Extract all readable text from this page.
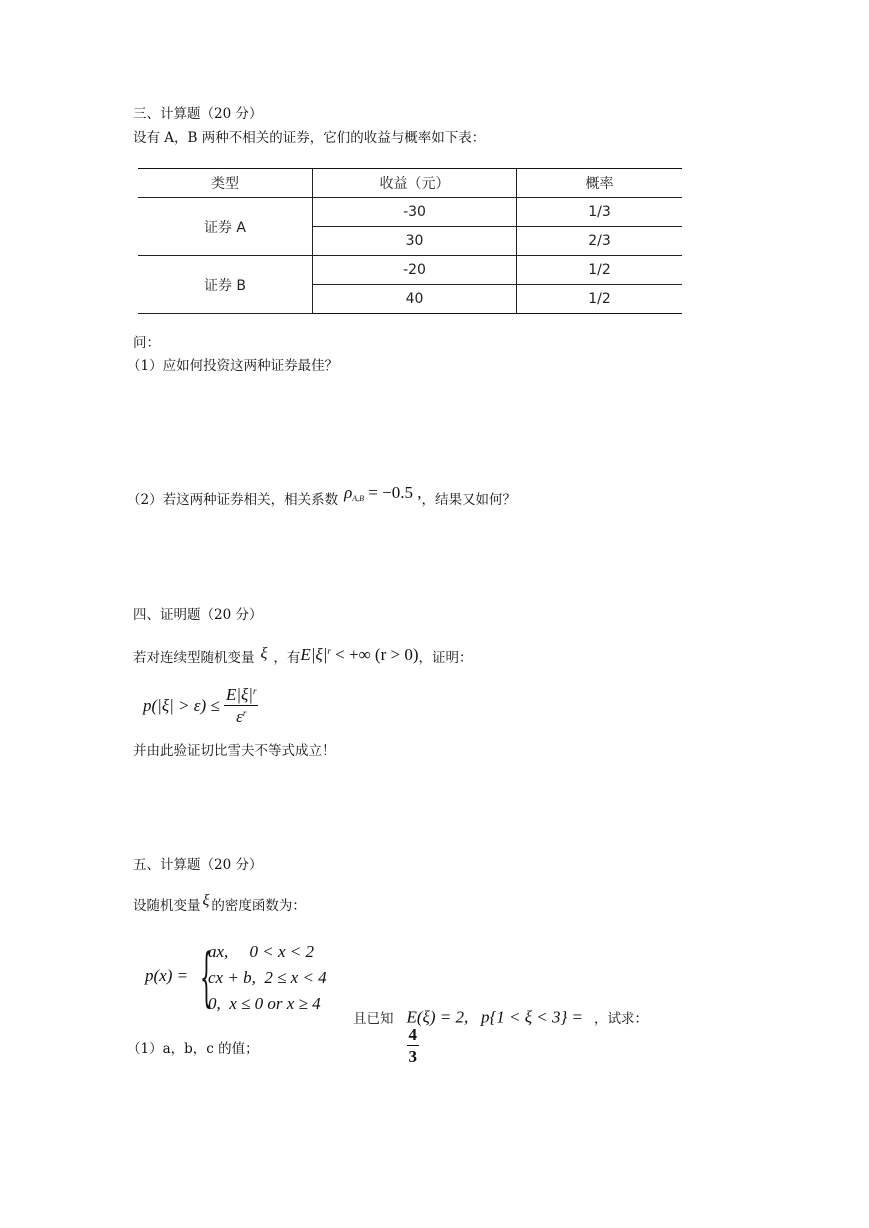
三、计算题（20 分）
设有 A，B 两种不相关的证券，它们的收益与概率如下表：
类型	收益（元）	概率
证券 A	-30	1/3
	30	2/3
证券 B	-20	1/2
	40	1/2
问：
（1）应如何投资这两种证券最佳？
（2）若这两种证券相关，相关系数 ρA,B = −0.5 ,，结果又如何？
四、证明题（20 分）
若对连续型随机变量 ξ ，有$E|\xi|^r$ < +∞ (r > 0)，证明：
$p(|\xi| > \varepsilon) \le \frac{E|\xi|^r}{\varepsilon^r}$
并由此验证切比雪夫不等式成立！
五、计算题（20 分）
设随机变量 ξ 的密度函数为：
p(x) = {
ax,     0 < x < 2
cx + b,  2 ≤ x < 4
0,  x ≤ 0 or x ≥ 4
且已知 E(ξ) = 2,   p{1 < ξ < 3} =

$\frac{4}{3}$

，试求：
（1）a，b，c 的值；
